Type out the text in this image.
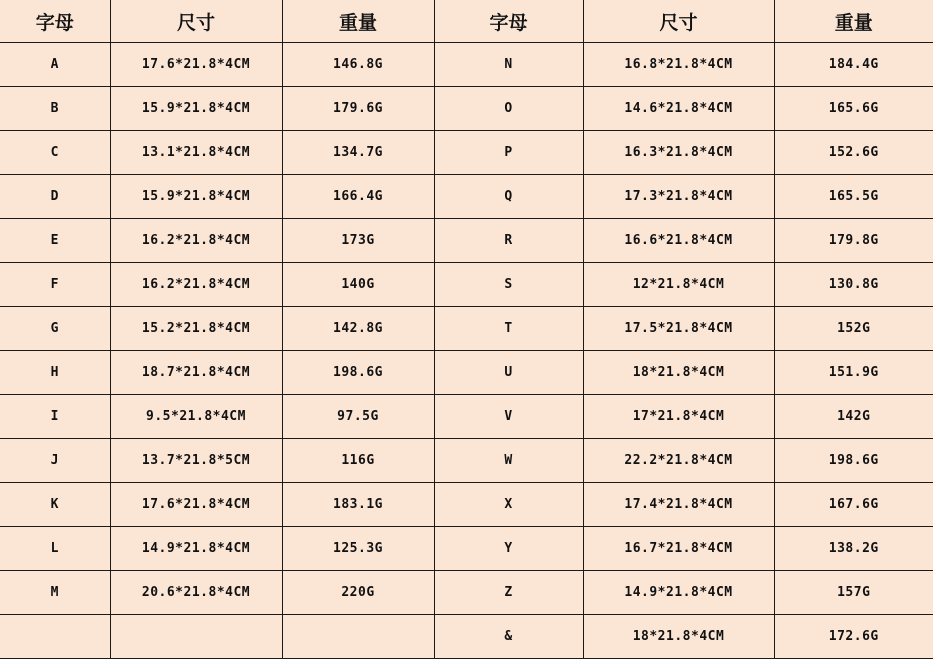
字母	尺寸	重量	字母	尺寸	重量
A	17.6*21.8*4CM	146.8G	N	16.8*21.8*4CM	184.4G
B	15.9*21.8*4CM	179.6G	O	14.6*21.8*4CM	165.6G
C	13.1*21.8*4CM	134.7G	P	16.3*21.8*4CM	152.6G
D	15.9*21.8*4CM	166.4G	Q	17.3*21.8*4CM	165.5G
E	16.2*21.8*4CM	173G	R	16.6*21.8*4CM	179.8G
F	16.2*21.8*4CM	140G	S	12*21.8*4CM	130.8G
G	15.2*21.8*4CM	142.8G	T	17.5*21.8*4CM	152G
H	18.7*21.8*4CM	198.6G	U	18*21.8*4CM	151.9G
I	9.5*21.8*4CM	97.5G	V	17*21.8*4CM	142G
J	13.7*21.8*5CM	116G	W	22.2*21.8*4CM	198.6G
K	17.6*21.8*4CM	183.1G	X	17.4*21.8*4CM	167.6G
L	14.9*21.8*4CM	125.3G	Y	16.7*21.8*4CM	138.2G
M	20.6*21.8*4CM	220G	Z	14.9*21.8*4CM	157G
			&	18*21.8*4CM	172.6G
